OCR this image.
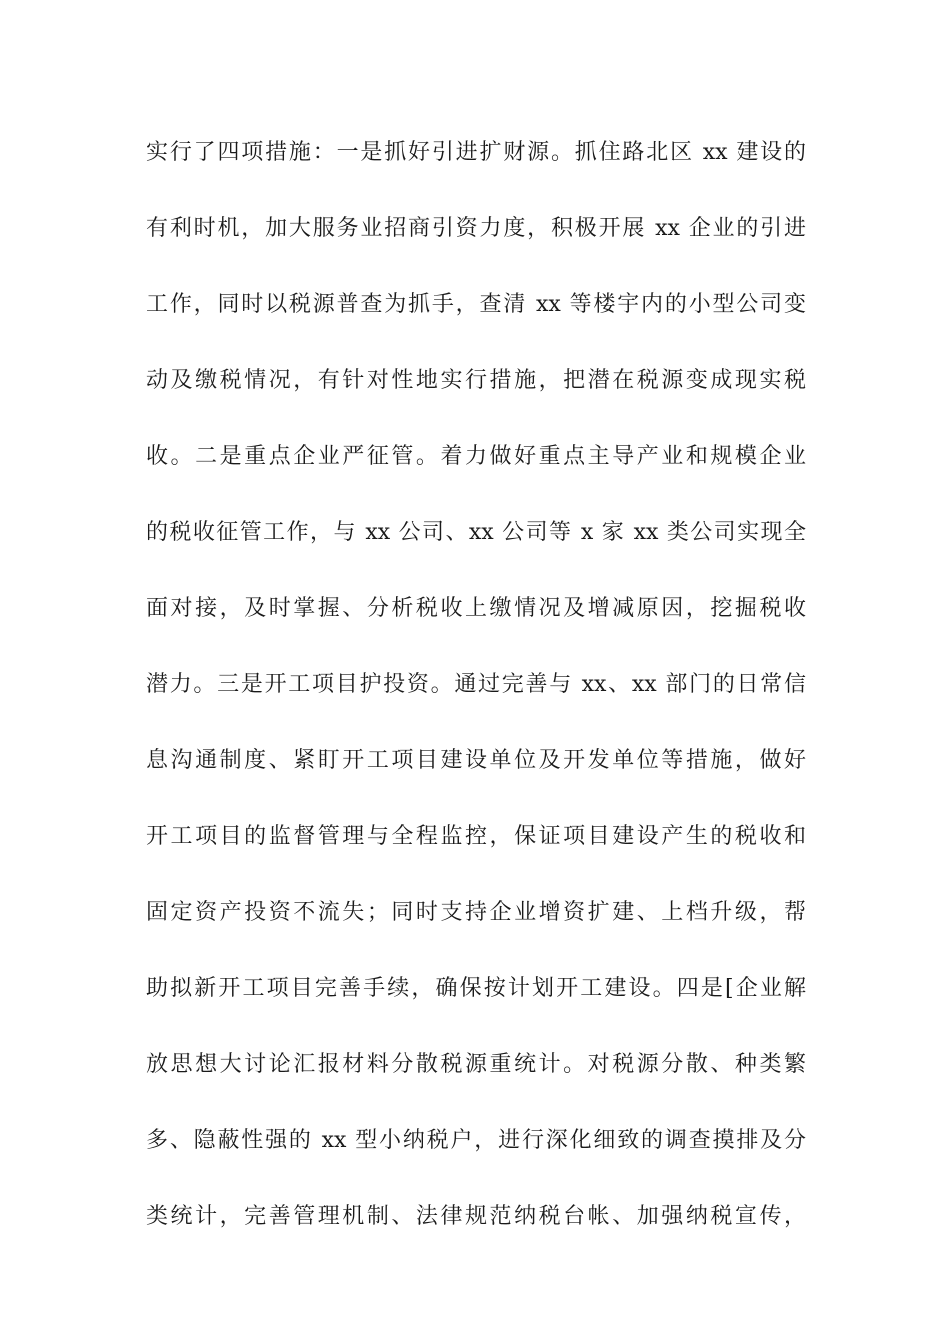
实行了四项措施：一是抓好引进扩财源。抓住路北区 xx 建设的
有利时机，加大服务业招商引资力度，积极开展 xx 企业的引进
工作，同时以税源普查为抓手，查清 xx 等楼宇内的小型公司变
动及缴税情况，有针对性地实行措施，把潜在税源变成现实税
收。二是重点企业严征管。着力做好重点主导产业和规模企业
的税收征管工作，与 xx 公司、xx 公司等 x 家 xx 类公司实现全
面对接，及时掌握、分析税收上缴情况及增减原因，挖掘税收
潜力。三是开工项目护投资。通过完善与 xx、xx 部门的日常信
息沟通制度、紧盯开工项目建设单位及开发单位等措施，做好
开工项目的监督管理与全程监控，保证项目建设产生的税收和
固定资产投资不流失；同时支持企业增资扩建、上档升级，帮
助拟新开工项目完善手续，确保按计划开工建设。四是[企业解
放思想大讨论汇报材料分散税源重统计。对税源分散、种类繁
多、隐蔽性强的 xx 型小纳税户，进行深化细致的调查摸排及分
类统计，完善管理机制、法律规范纳税台帐、加强纳税宣传，
